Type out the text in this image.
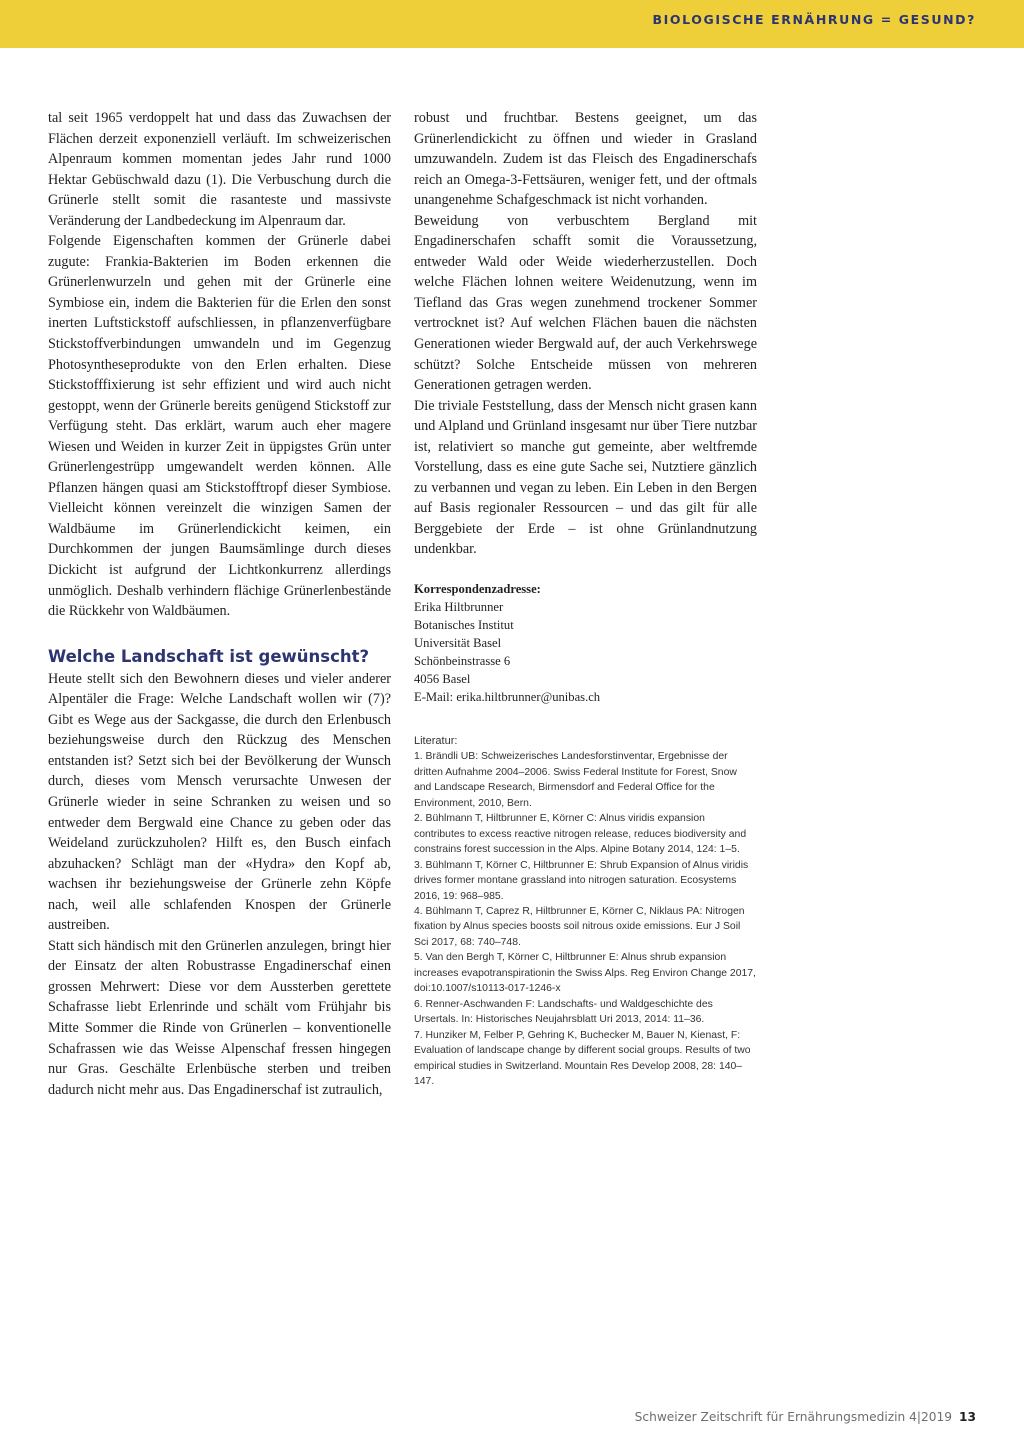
BIOLOGISCHE ERNÄHRUNG = GESUND?

tal seit 1965 verdoppelt hat und dass das Zuwachsen der Flächen derzeit exponenziell verläuft. Im schweizerischen Alpenraum kommen momentan jedes Jahr rund 1000 Hektar Gebüschwald dazu (1). Die Verbuschung durch die Grünerle stellt somit die rasanteste und massivste Veränderung der Landbedeckung im Alpenraum dar.

Folgende Eigenschaften kommen der Grünerle dabei zugute: Frankia-Bakterien im Boden erkennen die Grünerlenwurzeln und gehen mit der Grünerle eine Symbiose ein, indem die Bakterien für die Erlen den sonst inerten Luftstickstoff aufschliessen, in pflanzenverfügbare Stickstoffverbindungen umwandeln und im Gegenzug Photosyntheseprodukte von den Erlen erhalten. Diese Stickstofffixierung ist sehr effizient und wird auch nicht gestoppt, wenn der Grünerle bereits genügend Stickstoff zur Verfügung steht. Das erklärt, warum auch eher magere Wiesen und Weiden in kurzer Zeit in üppigstes Grün unter Grünerlengestrüpp umgewandelt werden können. Alle Pflanzen hängen quasi am Stickstofftropf dieser Symbiose. Vielleicht können vereinzelt die winzigen Samen der Waldbäume im Grünerlendickicht keimen, ein Durchkommen der jungen Baumsämlinge durch dieses Dickicht ist aufgrund der Lichtkonkurrenz allerdings unmöglich. Deshalb verhindern flächige Grünerlenbestände die Rückkehr von Waldbäumen.

Welche Landschaft ist gewünscht?

Heute stellt sich den Bewohnern dieses und vieler anderer Alpentäler die Frage: Welche Landschaft wollen wir (7)? Gibt es Wege aus der Sackgasse, die durch den Erlenbusch beziehungsweise durch den Rückzug des Menschen entstanden ist? Setzt sich bei der Bevölkerung der Wunsch durch, dieses vom Mensch verursachte Unwesen der Grünerle wieder in seine Schranken zu weisen und so entweder dem Bergwald eine Chance zu geben oder das Weideland zurückzuholen? Hilft es, den Busch einfach abzuhacken? Schlägt man der «Hydra» den Kopf ab, wachsen ihr beziehungsweise der Grünerle zehn Köpfe nach, weil alle schlafenden Knospen der Grünerle austreiben.

Statt sich händisch mit den Grünerlen anzulegen, bringt hier der Einsatz der alten Robustrasse Engadinerschaf einen grossen Mehrwert: Diese vor dem Aussterben gerettete Schafrasse liebt Erlenrinde und schält vom Frühjahr bis Mitte Sommer die Rinde von Grünerlen – konventionelle Schafrassen wie das Weisse Alpenschaf fressen hingegen nur Gras. Geschälte Erlenbüsche sterben und treiben dadurch nicht mehr aus. Das Engadinerschaf ist zutraulich,

robust und fruchtbar. Bestens geeignet, um das Grünerlendickicht zu öffnen und wieder in Grasland umzuwandeln. Zudem ist das Fleisch des Engadinerschafs reich an Omega-3-Fettsäuren, weniger fett, und der oftmals unangenehme Schafgeschmack ist nicht vorhanden.

Beweidung von verbuschtem Bergland mit Engadinerschafen schafft somit die Voraussetzung, entweder Wald oder Weide wiederherzustellen. Doch welche Flächen lohnen weitere Weidenutzung, wenn im Tiefland das Gras wegen zunehmend trockener Sommer vertrocknet ist? Auf welchen Flächen bauen die nächsten Generationen wieder Bergwald auf, der auch Verkehrswege schützt? Solche Entscheide müssen von mehreren Generationen getragen werden.

Die triviale Feststellung, dass der Mensch nicht grasen kann und Alpland und Grünland insgesamt nur über Tiere nutzbar ist, relativiert so manche gut gemeinte, aber weltfremde Vorstellung, dass es eine gute Sache sei, Nutztiere gänzlich zu verbannen und vegan zu leben. Ein Leben in den Bergen auf Basis regionaler Ressourcen – und das gilt für alle Berggebiete der Erde – ist ohne Grünlandnutzung undenkbar.

Korrespondenzadresse:
Erika Hiltbrunner
Botanisches Institut
Universität Basel
Schönbeinstrasse 6
4056 Basel
E-Mail: erika.hiltbrunner@unibas.ch
Literatur:
1. Brändli UB: Schweizerisches Landesforstinventar, Ergebnisse der dritten Aufnahme 2004–2006. Swiss Federal Institute for Forest, Snow and Landscape Research, Birmensdorf and Federal Office for the Environment, 2010, Bern.
2. Bühlmann T, Hiltbrunner E, Körner C: Alnus viridis expansion contributes to excess reactive nitrogen release, reduces biodiversity and constrains forest succession in the Alps. Alpine Botany 2014, 124: 1–5.
3. Bühlmann T, Körner C, Hiltbrunner E: Shrub Expansion of Alnus viridis drives former montane grassland into nitrogen saturation. Ecosystems 2016, 19: 968–985.
4. Bühlmann T, Caprez R, Hiltbrunner E, Körner C, Niklaus PA: Nitrogen fixation by Alnus species boosts soil nitrous oxide emissions. Eur J Soil Sci 2017, 68: 740–748.
5. Van den Bergh T, Körner C, Hiltbrunner E: Alnus shrub expansion increases evapotranspirationin the Swiss Alps. Reg Environ Change 2017, doi:10.1007/s10113-017-1246-x
6. Renner-Aschwanden F: Landschafts- und Waldgeschichte des Ursertals. In: Historisches Neujahrsblatt Uri 2013, 2014: 11–36.
7. Hunziker M, Felber P, Gehring K, Buchecker M, Bauer N, Kienast, F: Evaluation of landscape change by different social groups. Results of two empirical studies in Switzerland. Mountain Res Develop 2008, 28: 140–147.
Schweizer Zeitschrift für Ernährungsmedizin 4|2019 13
